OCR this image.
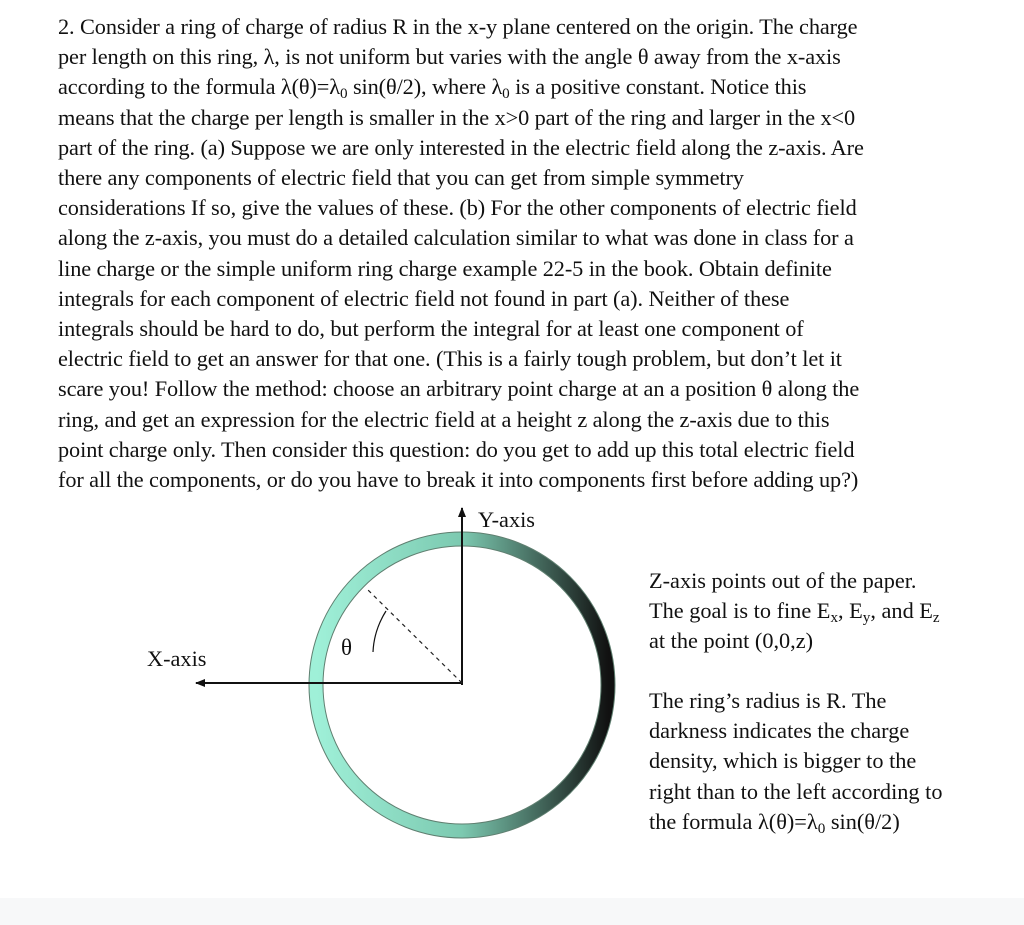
2. Consider a ring of charge of radius R in the x-y plane centered on the origin. The charge
per length on this ring, λ, is not uniform but varies with the angle θ away from the x-axis
according to the formula $\lambda(\theta)=\lambda_0$ sin(θ/2), where $\lambda_0$ is a positive constant. Notice this
means that the charge per length is smaller in the x>0 part of the ring and larger in the x<0
part of the ring. (a) Suppose we are only interested in the electric field along the z-axis. Are
there any components of electric field that you can get from simple symmetry
considerations If so, give the values of these. (b) For the other components of electric field
along the z-axis, you must do a detailed calculation similar to what was done in class for a
line charge or the simple uniform ring charge example 22-5 in the book. Obtain definite
integrals for each component of electric field not found in part (a). Neither of these
integrals should be hard to do, but perform the integral for at least one component of
electric field to get an answer for that one. (This is a fairly tough problem, but don’t let it
scare you! Follow the method: choose an arbitrary point charge at an a position θ along the
ring, and get an expression for the electric field at a height z along the z-axis due to this
point charge only. Then consider this question: do you get to add up this total electric field
for all the components, or do you have to break it into components first before adding up?)
θ
Y-axis
X-axis
Z-axis points out of the paper.
The goal is to fine $E_x$, $E_y$, and $E_z$
at the point (0,0,z)
The ring’s radius is R. The
darkness indicates the charge
density, which is bigger to the
right than to the left according to
the formula $\lambda(\theta)=\lambda_0$ sin(θ/2)
